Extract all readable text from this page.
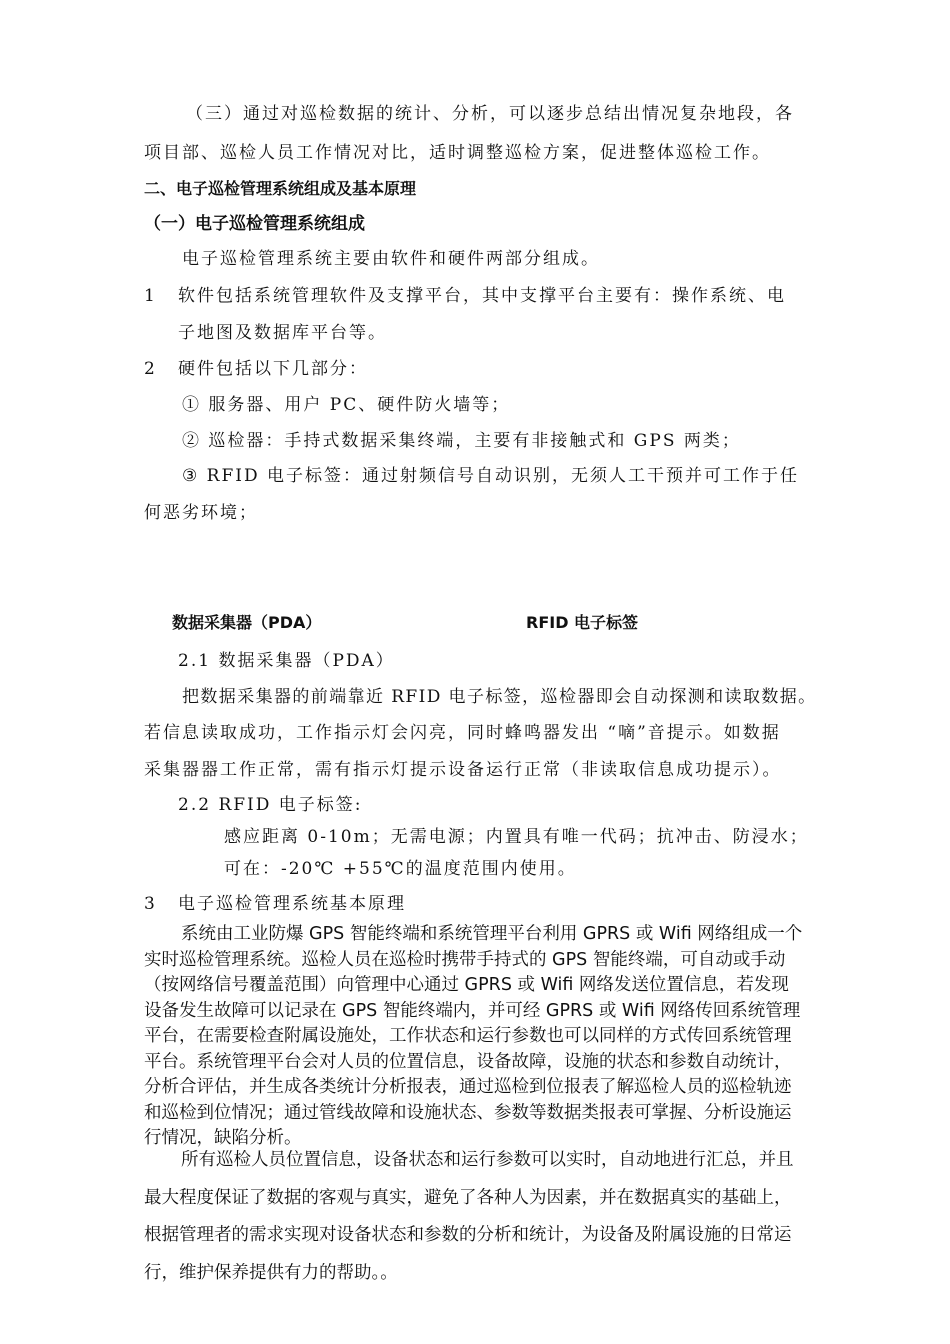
（三）通过对巡检数据的统计、分析，可以逐步总结出情况复杂地段，各
项目部、巡检人员工作情况对比，适时调整巡检方案，促进整体巡检工作。
二、电子巡检管理系统组成及基本原理
（一）电子巡检管理系统组成
电子巡检管理系统主要由软件和硬件两部分组成。
1 软件包括系统管理软件及支撑平台，其中支撑平台主要有：操作系统、电
子地图及数据库平台等。
2 硬件包括以下几部分：
① 服务器、用户 PC、硬件防火墙等；
② 巡检器：手持式数据采集终端，主要有非接触式和 GPS 两类；
③ RFID 电子标签：通过射频信号自动识别，无须人工干预并可工作于任
何恶劣环境；
数据采集器（PDA）	RFID 电子标签
2.1 数据采集器（PDA）
把数据采集器的前端靠近 RFID 电子标签，巡检器即会自动探测和读取数据。
若信息读取成功，工作指示灯会闪亮，同时蜂鸣器发出 “嘀”音提示。如数据
采集器器工作正常，需有指示灯提示设备运行正常（非读取信息成功提示）。
2.2 RFID 电子标签:
感应距离 0-10m；无需电源；内置具有唯一代码；抗冲击、防浸水；
可在：-20℃ +55℃的温度范围内使用。
3 电子巡检管理系统基本原理
系统由工业防爆 GPS 智能终端和系统管理平台利用 GPRS 或 Wifi 网络组成一个实时巡检管理系统。巡检人员在巡检时携带手持式的 GPS 智能终端，可自动或手动（按网络信号覆盖范围）向管理中心通过 GPRS 或 Wifi 网络发送位置信息，若发现设备发生故障可以记录在 GPS 智能终端内，并可经 GPRS 或 Wifi 网络传回系统管理平台，在需要检查附属设施处，工作状态和运行参数也可以同样的方式传回系统管理平台。系统管理平台会对人员的位置信息，设备故障，设施的状态和参数自动统计，分析合评估，并生成各类统计分析报表，通过巡检到位报表了解巡检人员的巡检轨迹和巡检到位情况；通过管线故障和设施状态、参数等数据类报表可掌握、分析设施运行情况，缺陷分析。
所有巡检人员位置信息，设备状态和运行参数可以实时，自动地进行汇总，并且最大程度保证了数据的客观与真实，避免了各种人为因素，并在数据真实的基础上，根据管理者的需求实现对设备状态和参数的分析和统计，为设备及附属设施的日常运行，维护保养提供有力的帮助。。
